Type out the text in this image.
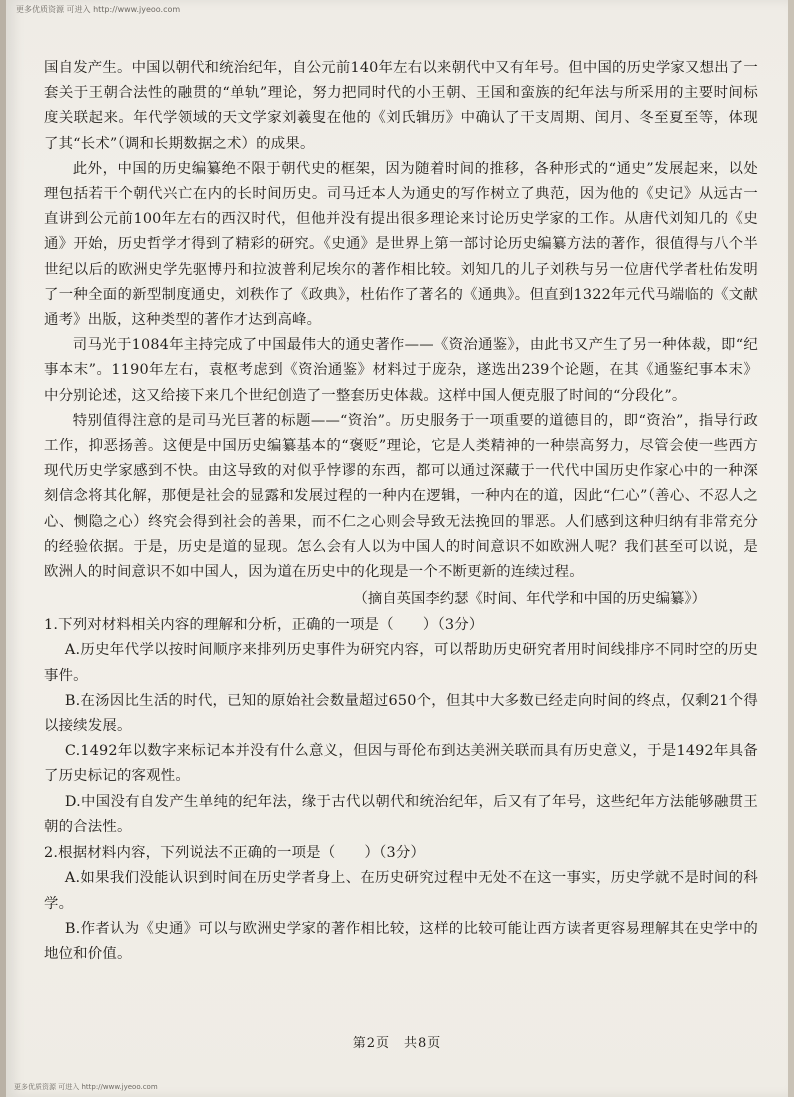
更多优质资源 可进入 http://www.jyeoo.com

国自发产生。中国以朝代和统治纪年，自公元前140年左右以来朝代中又有年号。但中国的历史学家又想出了一套关于王朝合法性的融贯的“单轨”理论，努力把同时代的小王朝、王国和蛮族的纪年法与所采用的主要时间标度关联起来。年代学领域的天文学家刘羲叟在他的《刘氏辑历》中确认了干支周期、闰月、冬至夏至等，体现了其“长术”（调和长期数据之术）的成果。

此外，中国的历史编纂绝不限于朝代史的框架，因为随着时间的推移，各种形式的“通史”发展起来，以处理包括若干个朝代兴亡在内的长时间历史。司马迁本人为通史的写作树立了典范，因为他的《史记》从远古一直讲到公元前100年左右的西汉时代，但他并没有提出很多理论来讨论历史学家的工作。从唐代刘知几的《史通》开始，历史哲学才得到了精彩的研究。《史通》是世界上第一部讨论历史编纂方法的著作，很值得与八个半世纪以后的欧洲史学先驱博丹和拉波普利尼埃尔的著作相比较。刘知几的儿子刘秩与另一位唐代学者杜佑发明了一种全面的新型制度通史，刘秩作了《政典》，杜佑作了著名的《通典》。但直到1322年元代马端临的《文献通考》出版，这种类型的著作才达到高峰。

司马光于1084年主持完成了中国最伟大的通史著作——《资治通鉴》，由此书又产生了另一种体裁，即“纪事本末”。1190年左右，袁枢考虑到《资治通鉴》材料过于庞杂，遂选出239个论题，在其《通鉴纪事本末》中分别论述，这又给接下来几个世纪创造了一整套历史体裁。这样中国人便克服了时间的“分段化”。

特别值得注意的是司马光巨著的标题——“资治”。历史服务于一项重要的道德目的，即“资治”，指导行政工作，抑恶扬善。这便是中国历史编纂基本的“褒贬”理论，它是人类精神的一种崇高努力，尽管会使一些西方现代历史学家感到不快。由这导致的对似乎悖谬的东西，都可以通过深藏于一代代中国历史作家心中的一种深刻信念将其化解，那便是社会的显露和发展过程的一种内在逻辑，一种内在的道，因此“仁心”（善心、不忍人之心、恻隐之心）终究会得到社会的善果，而不仁之心则会导致无法挽回的罪恶。人们感到这种归纳有非常充分的经验依据。于是，历史是道的显现。怎么会有人以为中国人的时间意识不如欧洲人呢？我们甚至可以说，是欧洲人的时间意识不如中国人，因为道在历史中的化现是一个不断更新的连续过程。

（摘自英国李约瑟《时间、年代学和中国的历史编纂》）

1.下列对材料相关内容的理解和分析，正确的一项是（　　）（3分）

A.历史年代学以按时间顺序来排列历史事件为研究内容，可以帮助历史研究者用时间线排序不同时空的历史事件。

B.在汤因比生活的时代，已知的原始社会数量超过650个，但其中大多数已经走向时间的终点，仅剩21个得以接续发展。

C.1492年以数字来标记本并没有什么意义，但因与哥伦布到达美洲关联而具有历史意义，于是1492年具备了历史标记的客观性。

D.中国没有自发产生单纯的纪年法，缘于古代以朝代和统治纪年，后又有了年号，这些纪年方法能够融贯王朝的合法性。

2.根据材料内容，下列说法不正确的一项是（　　）（3分）

A.如果我们没能认识到时间在历史学者身上、在历史研究过程中无处不在这一事实，历史学就不是时间的科学。

B.作者认为《史通》可以与欧洲史学家的著作相比较，这样的比较可能让西方读者更容易理解其在史学中的地位和价值。

第2页　共8页
更多优质资源 可进入 http://www.jyeoo.com
